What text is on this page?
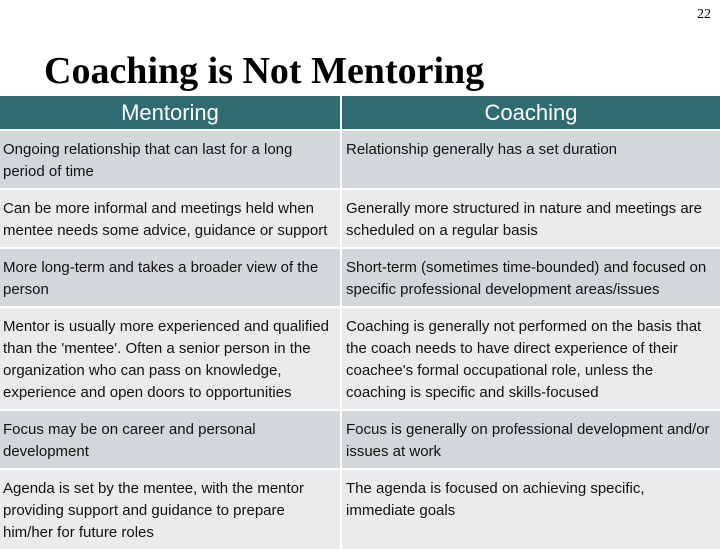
22
Coaching is Not Mentoring
Mentoring	Coaching
Ongoing relationship that can last for a long period of time	Relationship generally has a set duration
Can be more informal and meetings held when mentee needs some advice, guidance or support	Generally more structured in nature and meetings are scheduled on a regular basis
More long-term and takes a broader view of the person	Short-term (sometimes time-bounded) and focused on specific professional development areas/issues
Mentor is usually more experienced and qualified than the 'mentee'. Often a senior person in the organization who can pass on knowledge, experience and open doors to opportunities	Coaching is generally not performed on the basis that the coach needs to have direct experience of their coachee's formal occupational role, unless the coaching is specific and skills-focused
Focus may be on career and personal development	Focus is generally on professional development and/or issues at work
Agenda is set by the mentee, with the mentor providing support and guidance to prepare him/her for future roles	The agenda is focused on achieving specific, immediate goals
